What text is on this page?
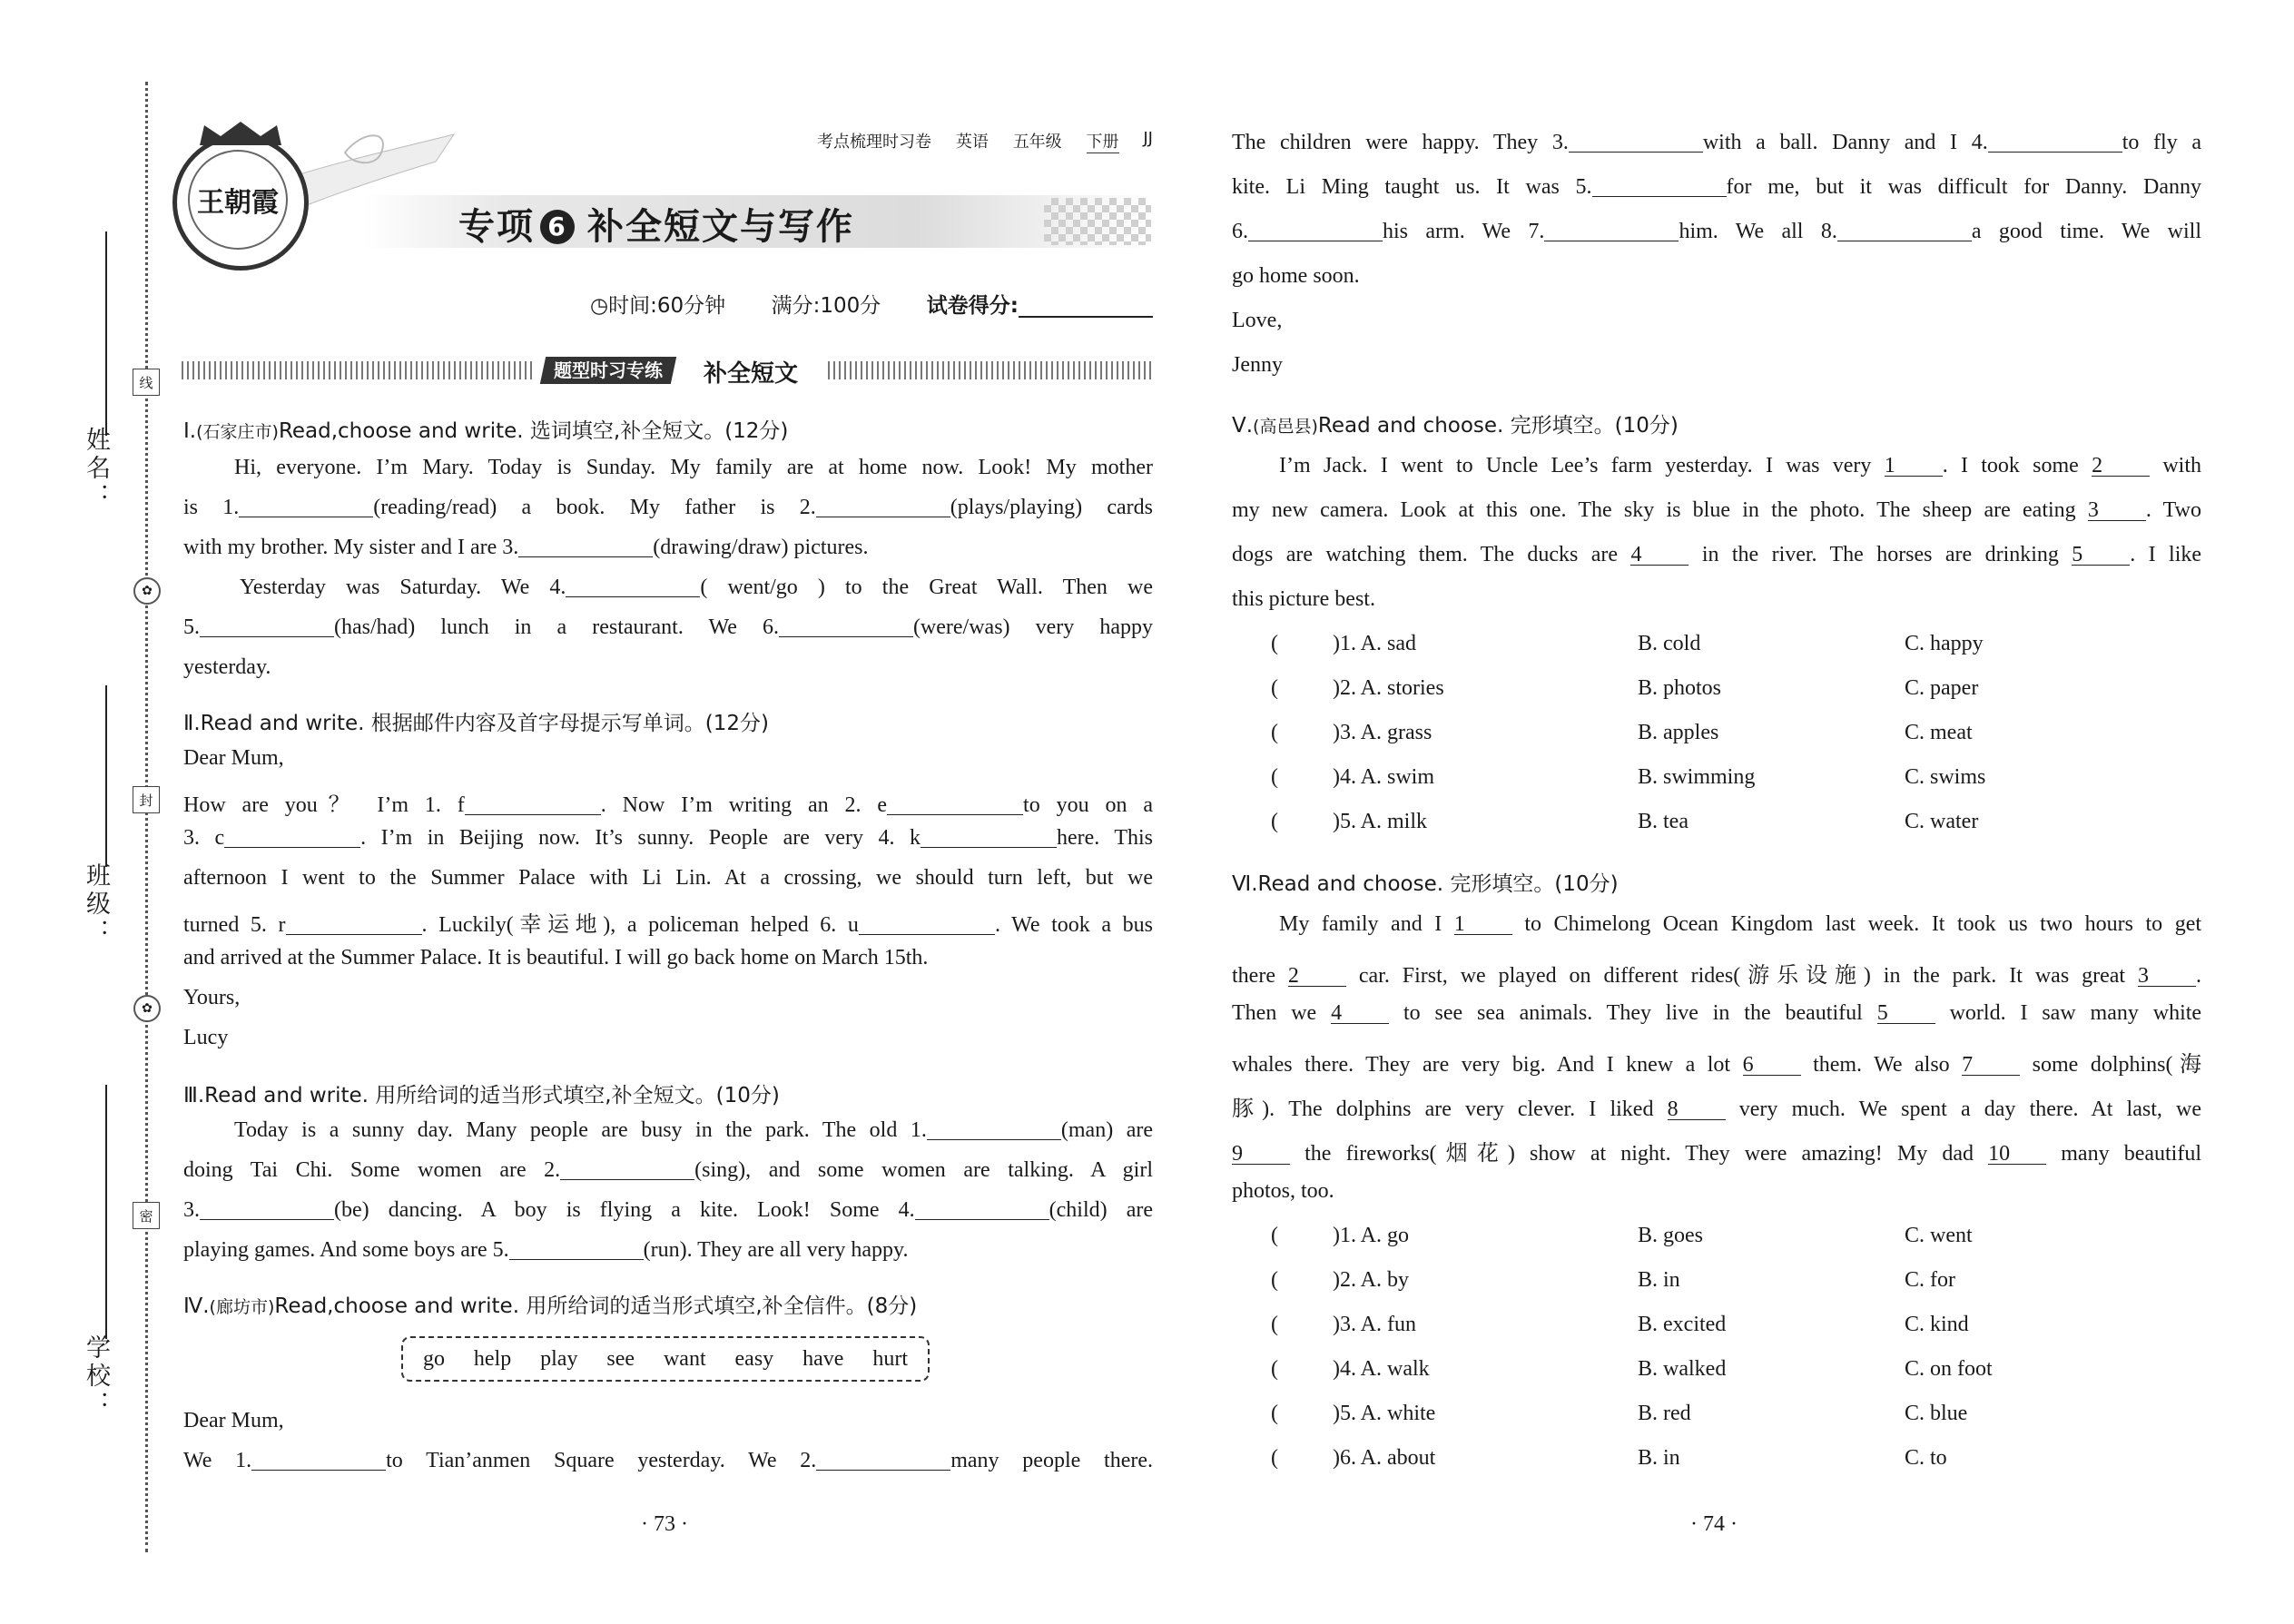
线
封
密
✿
✿
姓名：
班级：
学校：
王朝霞
考点梳理时习卷 英语 五年级 下册 JJ
专项 6 补全短文与写作
◷时间:60分钟 满分:100分 试卷得分:
题型时习专练	补全短文
Ⅰ.(石家庄市)Read,choose and write. 选词填空,补全短文。(12分)
Hi, everyone. I’m Mary. Today is Sunday. My family are at home now. Look! My mother
is 1.	(reading/read) a book. My father is 2.	(plays/playing) cards
with my brother. My sister and I are 3.	(drawing/draw) pictures.
Yesterday was Saturday. We 4.	( went/go ) to the Great Wall. Then we
5.	(has/had) lunch in a restaurant. We 6.	(were/was) very happy
yesterday.
Ⅱ.Read and write. 根据邮件内容及首字母提示写单词。(12分)
Dear Mum,
How are you？ I’m 1. f	. Now I’m writing an 2. e	to you on a
3. c	. I’m in Beijing now. It’s sunny. People are very 4. k	here. This
afternoon I went to the Summer Palace with Li Lin. At a crossing, we should turn left, but we
turned 5. r	. Luckily(幸运地), a policeman helped 6. u	. We took a bus
and arrived at the Summer Palace. It is beautiful. I will go back home on March 15th.
Yours,
Lucy
Ⅲ.Read and write. 用所给词的适当形式填空,补全短文。(10分)
Today is a sunny day. Many people are busy in the park. The old 1.	(man) are
doing Tai Chi. Some women are 2.	(sing), and some women are talking. A girl
3.	(be) dancing. A boy is flying a kite. Look! Some 4.	(child) are
playing games. And some boys are 5.	(run). They are all very happy.
Ⅳ.(廊坊市)Read,choose and write. 用所给词的适当形式填空,补全信件。(8分)
go help play see want easy have hurt
Dear Mum,
We 1.	to Tian’anmen Square yesterday. We 2.	many people there.
· 73 ·
The children were happy. They 3.	with a ball. Danny and I 4.	to fly a
kite. Li Ming taught us. It was 5.	for me, but it was difficult for Danny. Danny
6.	his arm. We 7.	him. We all 8.	a good time. We will
go home soon.
Love,
Jenny
Ⅴ.(高邑县)Read and choose. 完形填空。(10分)
I’m Jack. I went to Uncle Lee’s farm yesterday. I was very 1 . I took some 2	with
my new camera. Look at this one. The sky is blue in the photo. The sheep are eating 3 . Two
dogs are watching them. The ducks are 4	in the river. The horses are drinking 5 . I like
this picture best.
(	)1. A. sad	B. cold	C. happy
(	)2. A. stories	B. photos	C. paper
(	)3. A. grass	B. apples	C. meat
(	)4. A. swim	B. swimming	C. swims
(	)5. A. milk	B. tea	C. water
Ⅵ.Read and choose. 完形填空。(10分)
My family and I 1	to Chimelong Ocean Kingdom last week. It took us two hours to get
there 2	car. First, we played on different rides(游乐设施) in the park. It was great 3 .
Then we 4	to see sea animals. They live in the beautiful 5	world. I saw many white
whales there. They are very big. And I knew a lot 6	them. We also 7	some dolphins(海
豚). The dolphins are very clever. I liked 8	very much. We spent a day there. At last, we
9	the fireworks(烟花) show at night. They were amazing! My dad 10 many beautiful
photos, too.
(	)1. A. go	B. goes	C. went
(	)2. A. by	B. in	C. for
(	)3. A. fun	B. excited	C. kind
(	)4. A. walk	B. walked	C. on foot
(	)5. A. white	B. red	C. blue
(	)6. A. about	B. in	C. to
· 74 ·
